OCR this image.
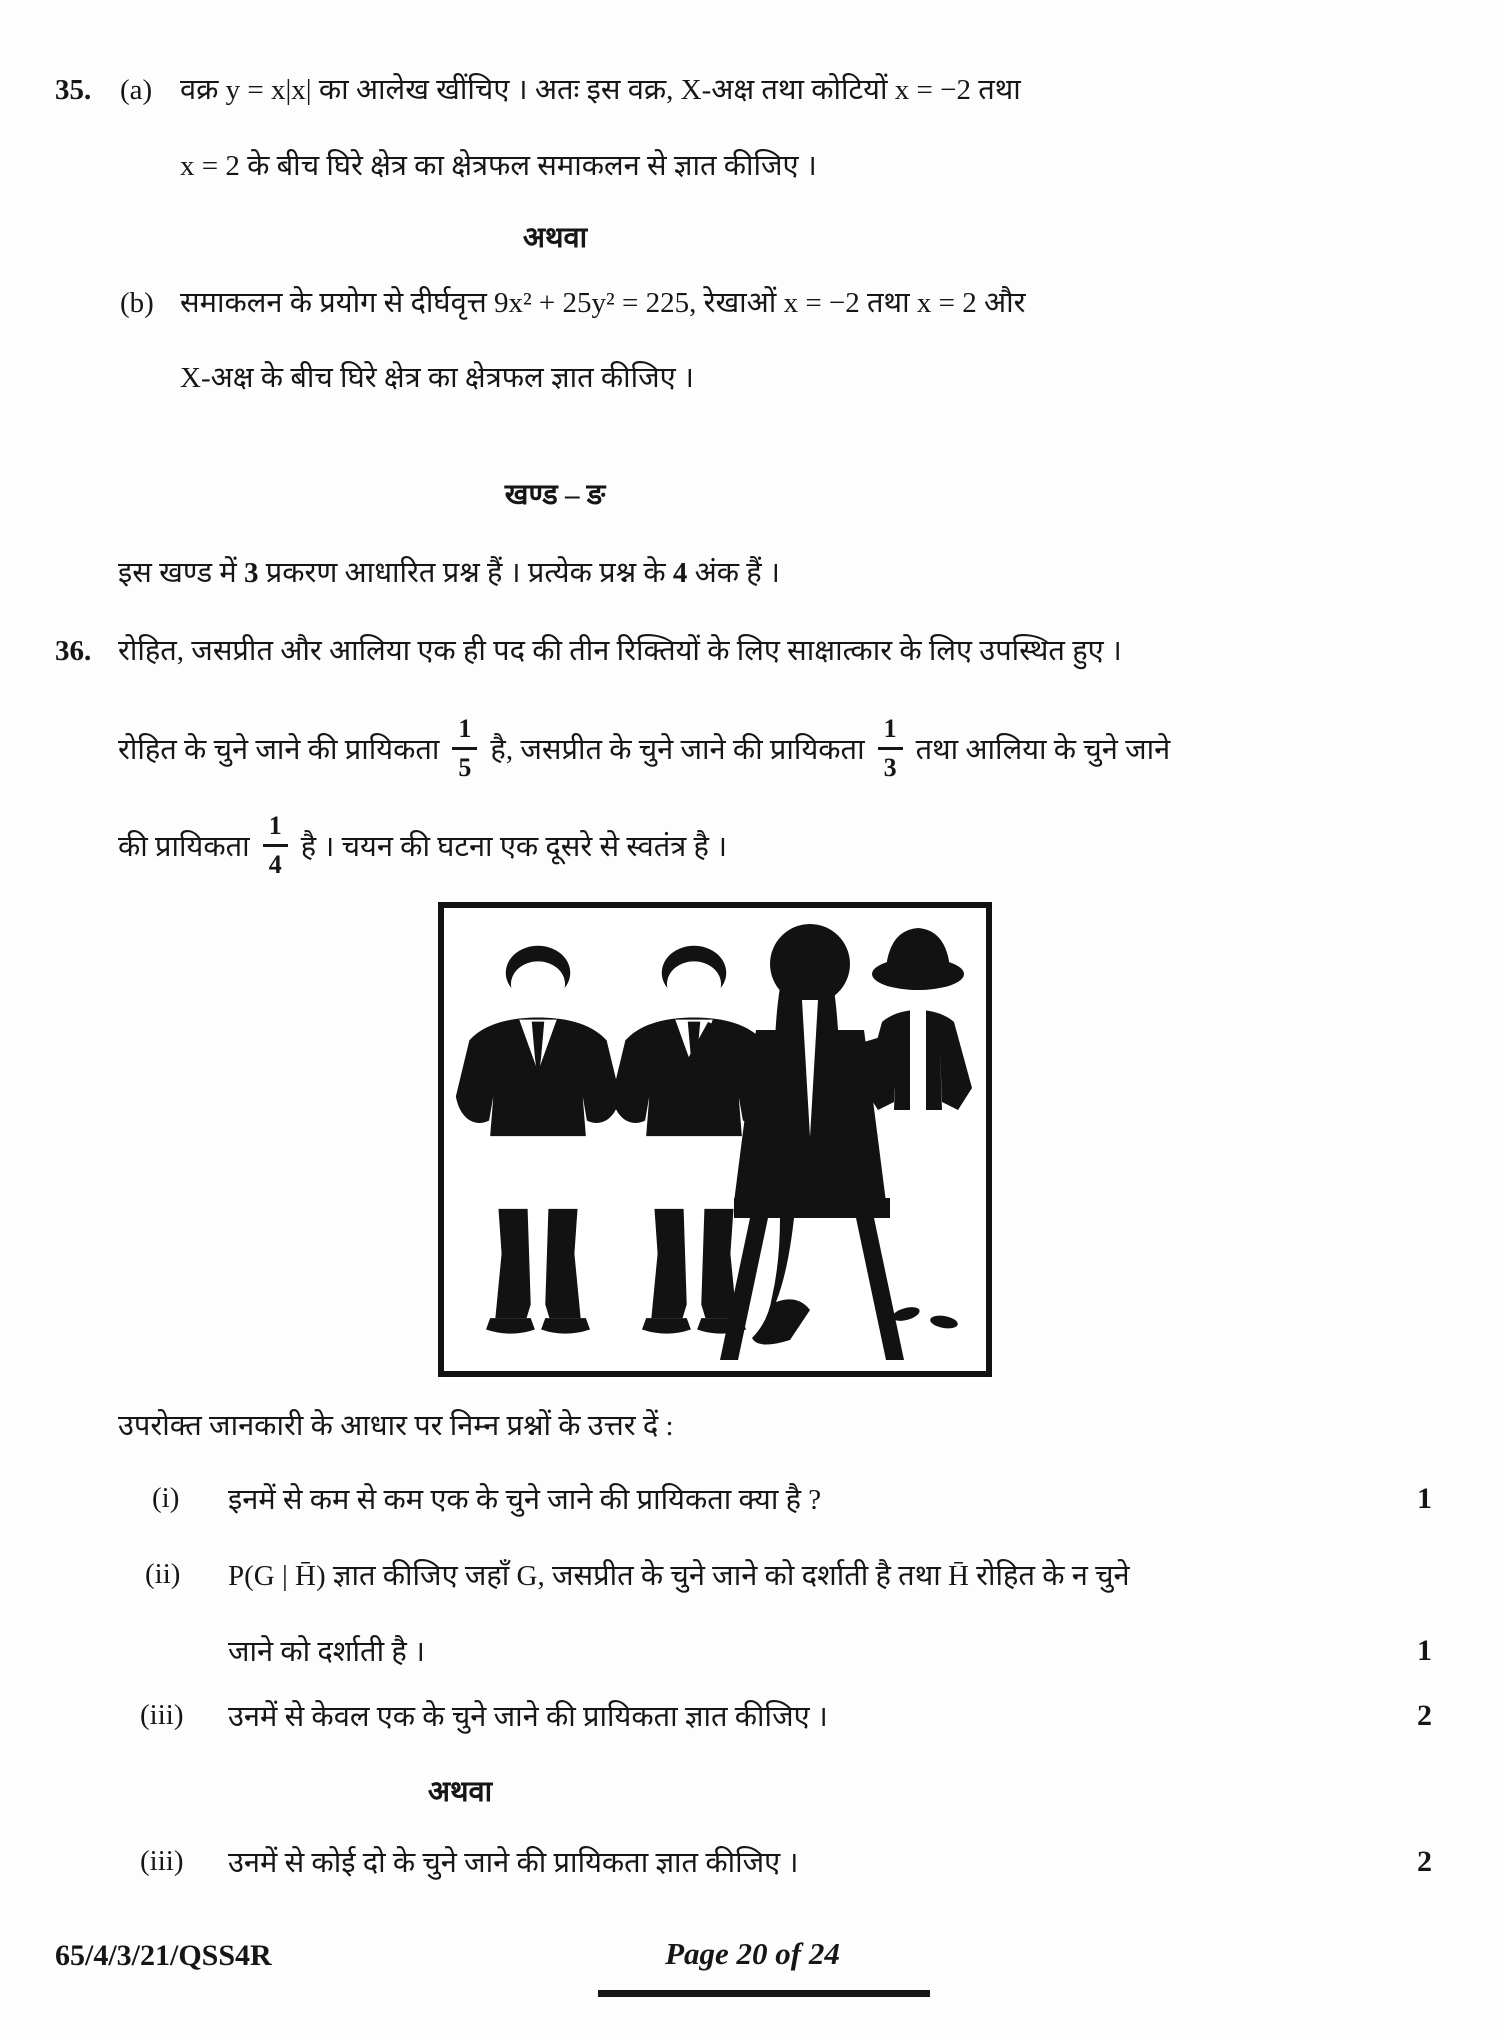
35. (a) वक्र y = x|x| का आलेख खींचिए । अतः इस वक्र, X-अक्ष तथा कोटियों x = −2 तथा
x = 2 के बीच घिरे क्षेत्र का क्षेत्रफल समाकलन से ज्ञात कीजिए ।
अथवा
(b) समाकलन के प्रयोग से दीर्घवृत्त 9x² + 25y² = 225, रेखाओं x = −2 तथा x = 2 और
X-अक्ष के बीच घिरे क्षेत्र का क्षेत्रफल ज्ञात कीजिए ।
खण्ड – ङ
इस खण्ड में 3 प्रकरण आधारित प्रश्न हैं । प्रत्येक प्रश्न के 4 अंक हैं ।
36. रोहित, जसप्रीत और आलिया एक ही पद की तीन रिक्तियों के लिए साक्षात्कार के लिए उपस्थित हुए ।
रोहित के चुने जाने की प्रायिकता $\frac{1}{5}$ है, जसप्रीत के चुने जाने की प्रायिकता $\frac{1}{3}$ तथा आलिया के चुने जाने
की प्रायिकता $\frac{1}{4}$ है । चयन की घटना एक दूसरे से स्वतंत्र है ।
उपरोक्त जानकारी के आधार पर निम्न प्रश्नों के उत्तर दें :
(i) इनमें से कम से कम एक के चुने जाने की प्रायिकता क्या है ?	1
(ii) P(G | H̄) ज्ञात कीजिए जहाँ G, जसप्रीत के चुने जाने को दर्शाती है तथा H̄ रोहित के न चुने
जाने को दर्शाती है ।	1
(iii) उनमें से केवल एक के चुने जाने की प्रायिकता ज्ञात कीजिए ।	2
अथवा
(iii) उनमें से कोई दो के चुने जाने की प्रायिकता ज्ञात कीजिए ।	2
65/4/3/21/QSS4R	Page 20 of 24
